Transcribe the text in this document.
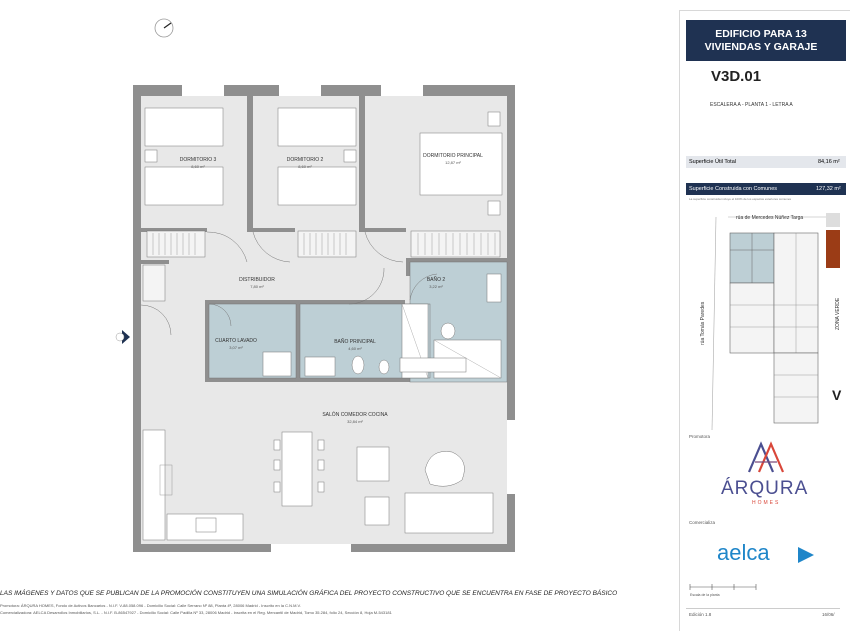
DORMITORIO 3
8,60 m²
DORMITORIO 2
8,60 m²
DORMITORIO PRINCIPAL
12,87 m²
DISTRIBUIDOR
7,80 m²
BAÑO 2
3,22 m²
CUARTO LAVADO
3,07 m²
BAÑO PRINCIPAL
4,60 m²
SALÓN COMEDOR COCINA
32,84 m²
LAS IMÁGENES Y DATOS QUE SE PUBLICAN DE LA PROMOCIÓN CONSTITUYEN UNA SIMULACIÓN GRÁFICA DEL PROYECTO CONSTRUCTIVO QUE SE ENCUENTRA EN FASE DE PROYECTO BÁSICO
Promotora: ÁRQURA HOMES, Fondo de Activos Bancarios - N.I.F. V-88.058.096 - Domicilio Social: Calle Serrano Nº 88, Planta 4ª, 28006 Madrid - Inscrito en la C.N.M.V.
Comercializadora: AELCA Desarrollos Inmobiliarios, S.L. - N.I.F. B-86547927 - Domicilio Social: Calle Padilla Nº 33, 28006 Madrid - Inscrita en el Reg. Mercantil de Madrid, Tomo 35.284, folio 24, Sección 8, Hoja M-543181
EDIFICIO PARA 13
VIVIENDAS Y GARAJE
V3D.01
ESCALERA A - PLANTA 1 - LETRA A
Superficie Útil Total	84,16 m²
Superficie Construida con Comunes	127,32 m²
La superficie construida incluye el 100% de los espacios exteriores comunes
V
rúa de Mercedes Núñez Targa
rúa Tomás Paredes	ZONA VERDE
Promotora
ÁRQURA
HOMES
Comercializa
aelca
Escala de la planta
Edición 1.8	16/06/
